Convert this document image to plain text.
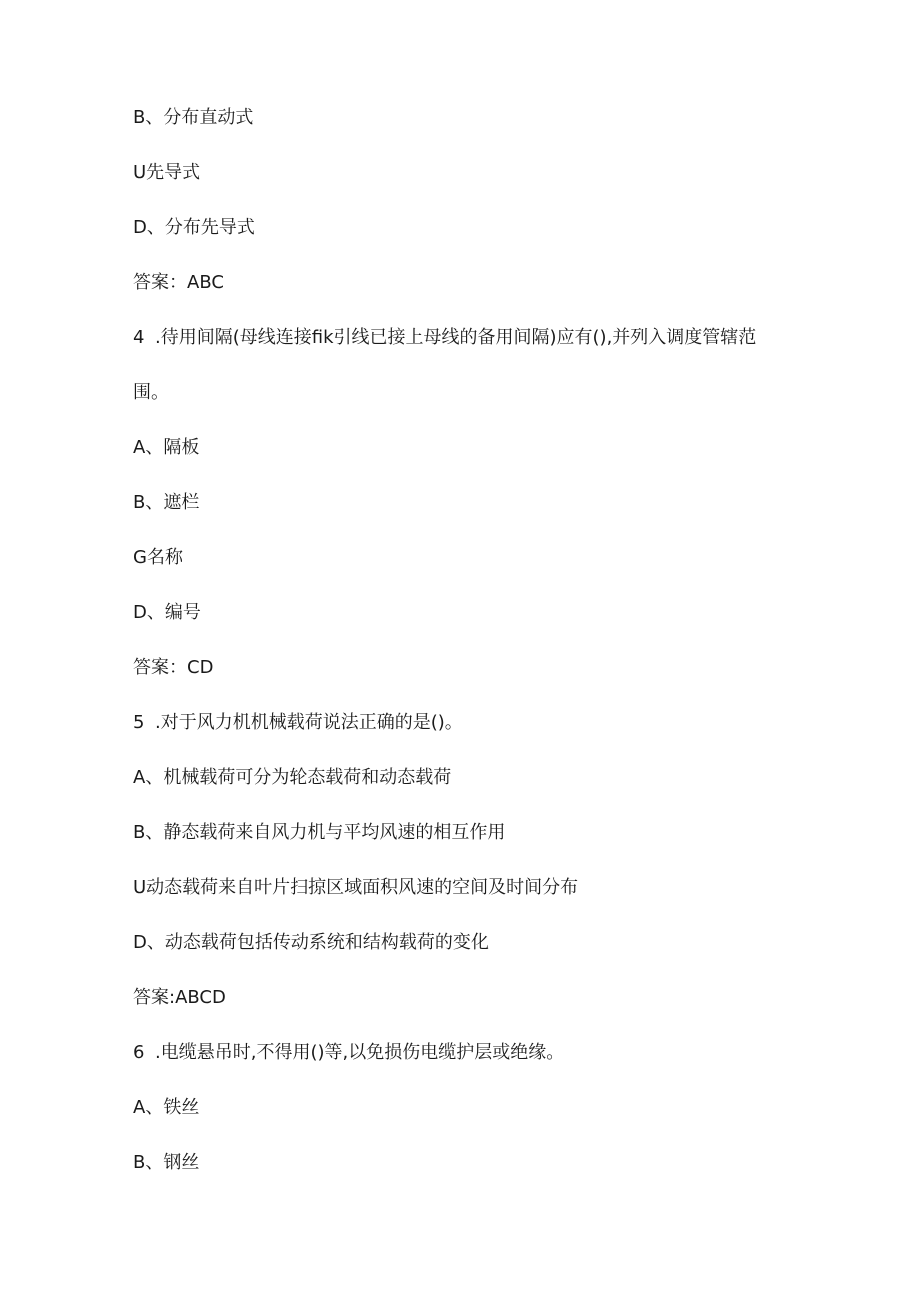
B、分布直动式
U先导式
D、分布先导式
答案：ABC
4 .待用间隔(母线连接fik引线已接上母线的备用间隔)应有(),并列入调度管辖范
围。
A、隔板
B、遮栏
G名称
D、编号
答案：CD
5 .对于风力机机械载荷说法正确的是()。
A、机械载荷可分为轮态载荷和动态载荷
B、静态载荷来自风力机与平均风速的相互作用
U动态载荷来自叶片扫掠区域面积风速的空间及时间分布
D、动态载荷包括传动系统和结构载荷的变化
答案:ABCD
6 .电缆悬吊时,不得用()等,以免损伤电缆护层或绝缘。
A、铁丝
B、钢丝
